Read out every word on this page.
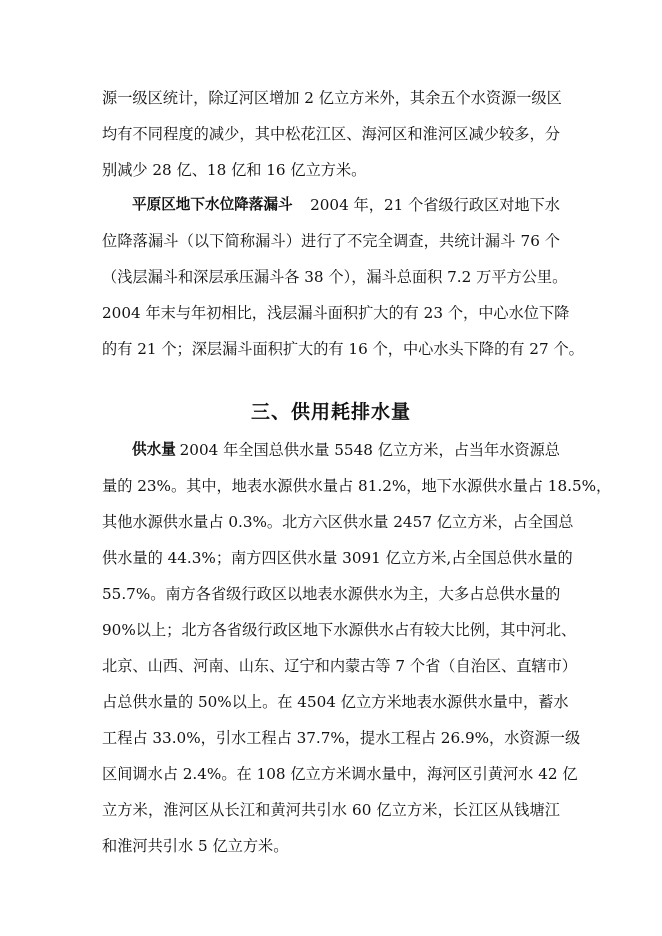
源一级区统计，除辽河区增加 2 亿立方米外，其余五个水资源一级区
均有不同程度的减少，其中松花江区、海河区和淮河区减少较多，分
别减少 28 亿、18 亿和 16 亿立方米。
平原区地下水位降落漏斗 2004 年，21 个省级行政区对地下水
位降落漏斗（以下简称漏斗）进行了不完全调查，共统计漏斗 76 个
（浅层漏斗和深层承压漏斗各 38 个），漏斗总面积 7.2 万平方公里。
2004 年末与年初相比，浅层漏斗面积扩大的有 23 个，中心水位下降
的有 21 个；深层漏斗面积扩大的有 16 个，中心水头下降的有 27 个。
三、供用耗排水量
供水量 2004 年全国总供水量 5548 亿立方米，占当年水资源总
量的 23%。其中，地表水源供水量占 81.2%，地下水源供水量占 18.5%，
其他水源供水量占 0.3%。北方六区供水量 2457 亿立方米，占全国总
供水量的 44.3%；南方四区供水量 3091 亿立方米,占全国总供水量的
55.7%。南方各省级行政区以地表水源供水为主，大多占总供水量的
90%以上；北方各省级行政区地下水源供水占有较大比例，其中河北、
北京、山西、河南、山东、辽宁和内蒙古等 7 个省（自治区、直辖市）
占总供水量的 50%以上。在 4504 亿立方米地表水源供水量中，蓄水
工程占 33.0%，引水工程占 37.7%，提水工程占 26.9%，水资源一级
区间调水占 2.4%。在 108 亿立方米调水量中，海河区引黄河水 42 亿
立方米，淮河区从长江和黄河共引水 60 亿立方米，长江区从钱塘江
和淮河共引水 5 亿立方米。
